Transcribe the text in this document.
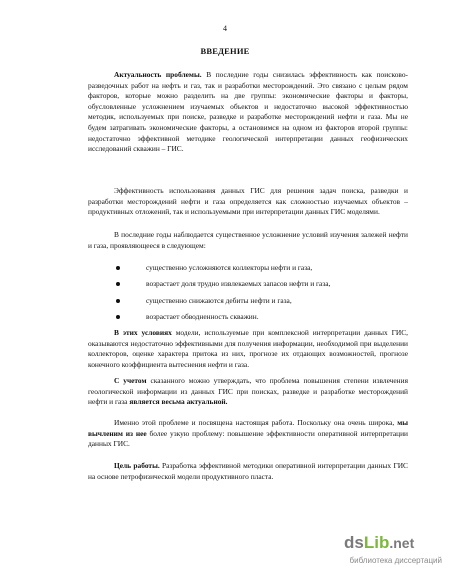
4
ВВЕДЕНИЕ
Актуальность проблемы. В последние годы снизилась эффективность как поисково-разведочных работ на нефть и газ, так и разработки месторождений. Это связано с целым рядом факторов, которые можно разделить на две группы: экономические факторы и факторы, обусловленные усложнением изучаемых объектов и недостаточно высокой эффективностью методик, используемых при поиске, разведке и разработке месторождений нефти и газа. Мы не будем затрагивать экономические факторы, а остановимся на одном из факторов второй группы: недостаточно эффективной методике геологической интерпретации данных геофизических исследований скважин – ГИС.
Эффективность использования данных ГИС для решения задач поиска, разведки и разработки месторождений нефти и газа определяется как сложностью изучаемых объектов – продуктивных отложений, так и используемыми при интерпретации данных ГИС моделями.
В последние годы наблюдается существенное усложнение условий изучения залежей нефти и газа, проявляющееся в следующем:
существенно усложняются коллекторы нефти и газа,
возрастает доля трудно извлекаемых запасов нефти и газа,
существенно снижаются дебиты нефти и газа,
возрастает обводненность скважин.
В этих условиях модели, используемые при комплексной интерпретации данных ГИС, оказываются недостаточно эффективными для получения информации, необходимой при выделении коллекторов, оценке характера притока из них, прогнозе их отдающих возможностей, прогнозе конечного коэффициента вытеснения нефти и газа.
С учетом сказанного можно утверждать, что проблема повышения степени извлечения геологической информации из данных ГИС при поисках, разведке и разработке месторождений нефти и газа является весьма актуальной.
Именно этой проблеме и посвящена настоящая работа. Поскольку она очень широка, мы вычленим из нее более узкую проблему: повышение эффективности оперативной интерпретации данных ГИС.
Цель работы. Разработка эффективной методики оперативной интерпретации данных ГИС на основе петрофизической модели продуктивного пласта.
dsLib.net
библиотека диссертаций
